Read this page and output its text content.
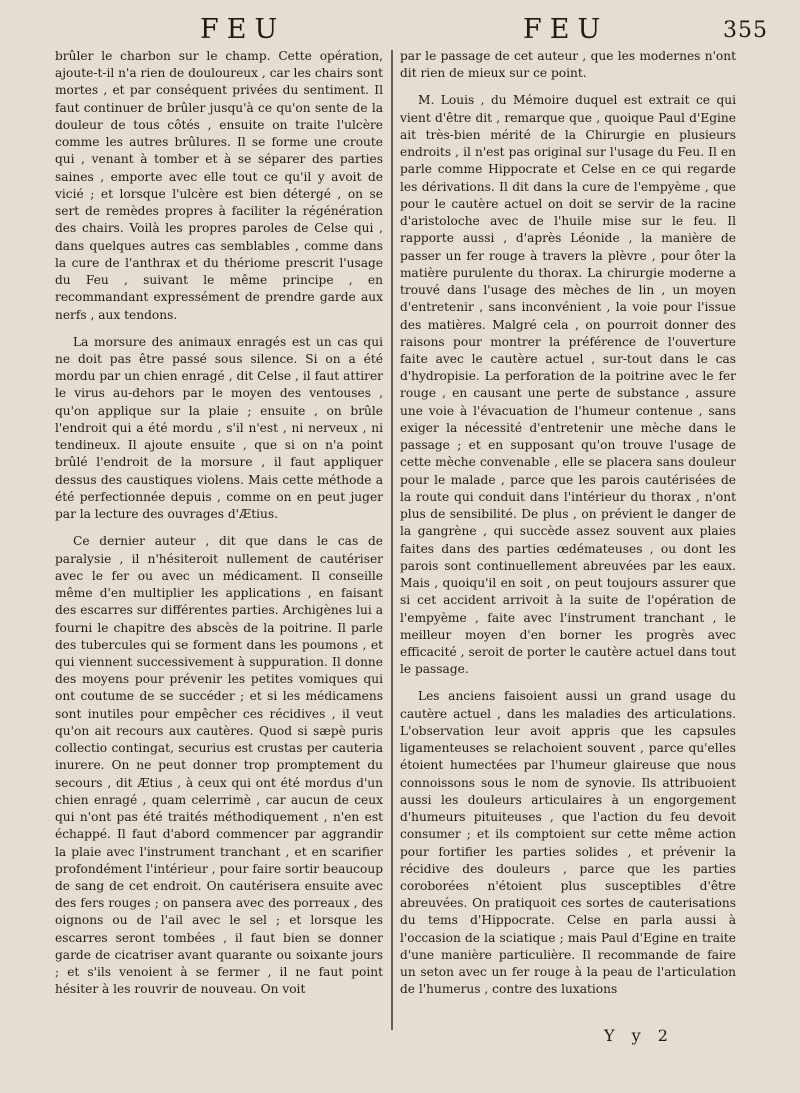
FEU	FEU	355

brûler le charbon sur le champ. Cette opération, ajoute-t-il n'a rien de douloureux , car les chairs sont mortes , et par conséquent privées du sentiment. Il faut continuer de brûler jusqu'à ce qu'on sente de la douleur de tous côtés , ensuite on traite l'ulcère comme les autres brûlures. Il se forme une croute qui , venant à tomber et à se séparer des parties saines , emporte avec elle tout ce qu'il y avoit de vicié ; et lorsque l'ulcère est bien détergé , on se sert de remèdes propres à faciliter la régénération des chairs. Voilà les propres paroles de Celse qui , dans quelques autres cas semblables , comme dans la cure de l'anthrax et du thériome prescrit l'usage du Feu , suivant le même principe , en recommandant expressément de prendre garde aux nerfs , aux tendons.

La morsure des animaux enragés est un cas qui ne doit pas être passé sous silence. Si on a été mordu par un chien enragé , dit Celse , il faut attirer le virus au-dehors par le moyen des ventouses , qu'on applique sur la plaie ; ensuite , on brûle l'endroit qui a été mordu , s'il n'est , ni nerveux , ni tendineux. Il ajoute ensuite , que si on n'a point brûlé l'endroit de la morsure , il faut appliquer dessus des caustiques violens. Mais cette méthode a été perfectionnée depuis , comme on en peut juger par la lecture des ouvrages d'Ætius.

Ce dernier auteur , dit que dans le cas de paralysie , il n'hésiteroit nullement de cautériser avec le fer ou avec un médicament. Il conseille même d'en multiplier les applications , en faisant des escarres sur différentes parties. Archigènes lui a fourni le chapitre des abscès de la poitrine. Il parle des tubercules qui se forment dans les poumons , et qui viennent successivement à suppuration. Il donne des moyens pour prévenir les petites vomiques qui ont coutume de se succéder ; et si les médicamens sont inutiles pour empêcher ces récidives , il veut qu'on ait recours aux cautères. Quod si sæpè puris collectio contingat, securius est crustas per cauteria inurere. On ne peut donner trop promptement du secours , dit Ætius , à ceux qui ont été mordus d'un chien enragé , quam celerrimè , car aucun de ceux qui n'ont pas été traités méthodiquement , n'en est échappé. Il faut d'abord commencer par aggrandir la plaie avec l'instrument tranchant , et en scarifier profondément l'intérieur , pour faire sortir beaucoup de sang de cet endroit. On cautérisera ensuite avec des fers rouges ; on pansera avec des porreaux , des oignons ou de l'ail avec le sel ; et lorsque les escarres seront tombées , il faut bien se donner garde de cicatriser avant quarante ou soixante jours ; et s'ils venoient à se fermer , il ne faut point hésiter à les rouvrir de nouveau. On voit

par le passage de cet auteur , que les modernes n'ont dit rien de mieux sur ce point.

M. Louis , du Mémoire duquel est extrait ce qui vient d'être dit , remarque que , quoique Paul d'Egine ait très-bien mérité de la Chirurgie en plusieurs endroits , il n'est pas original sur l'usage du Feu. Il en parle comme Hippocrate et Celse en ce qui regarde les dérivations. Il dit dans la cure de l'empyème , que pour le cautère actuel on doit se servir de la racine d'aristoloche avec de l'huile mise sur le feu. Il rapporte aussi , d'après Léonide , la manière de passer un fer rouge à travers la plèvre , pour ôter la matière purulente du thorax. La chirurgie moderne a trouvé dans l'usage des mèches de lin , un moyen d'entretenir , sans inconvénient , la voie pour l'issue des matières. Malgré cela , on pourroit donner des raisons pour montrer la préférence de l'ouverture faite avec le cautère actuel , sur-tout dans le cas d'hydropisie. La perforation de la poitrine avec le fer rouge , en causant une perte de substance , assure une voie à l'évacuation de l'humeur contenue , sans exiger la nécessité d'entretenir une mèche dans le passage ; et en supposant qu'on trouve l'usage de cette mèche convenable , elle se placera sans douleur pour le malade , parce que les parois cautérisées de la route qui conduit dans l'intérieur du thorax , n'ont plus de sensibilité. De plus , on prévient le danger de la gangrène , qui succède assez souvent aux plaies faites dans des parties œdémateuses , ou dont les parois sont continuellement abreuvées par les eaux. Mais , quoiqu'il en soit , on peut toujours assurer que si cet accident arrivoit à la suite de l'opération de l'empyème , faite avec l'instrument tranchant , le meilleur moyen d'en borner les progrès avec efficacité , seroit de porter le cautère actuel dans tout le passage.

Les anciens faisoient aussi un grand usage du cautère actuel , dans les maladies des articulations. L'observation leur avoit appris que les capsules ligamenteuses se relachoient souvent , parce qu'elles étoient humectées par l'humeur glaireuse que nous connoissons sous le nom de synovie. Ils attribuoient aussi les douleurs articulaires à un engorgement d'humeurs pituiteuses , que l'action du feu devoit consumer ; et ils comptoient sur cette même action pour fortifier les parties solides , et prévenir la récidive des douleurs , parce que les parties coroborées n'étoient plus susceptibles d'être abreuvées. On pratiquoit ces sortes de cauterisations du tems d'Hippocrate. Celse en parla aussi à l'occasion de la sciatique ; mais Paul d'Egine en traite d'une manière particulière. Il recommande de faire un seton avec un fer rouge à la peau de l'articulation de l'humerus , contre des luxations

Y y 2
